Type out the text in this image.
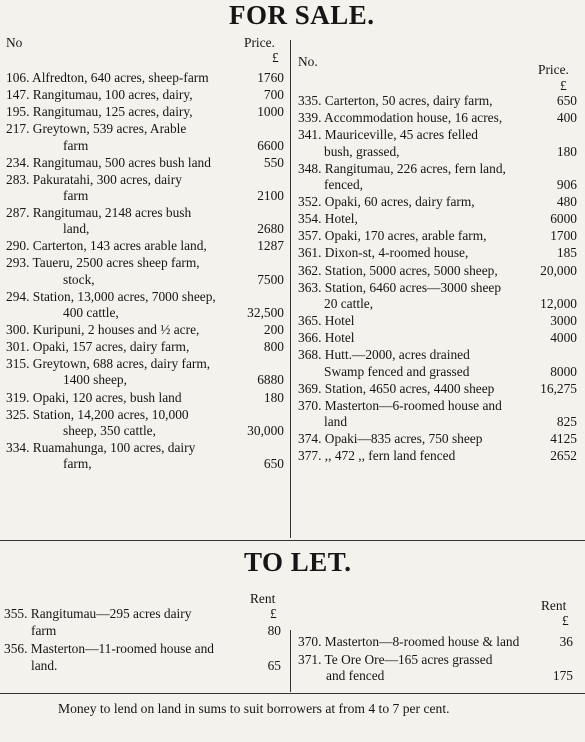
FOR SALE.
No	Price.
£ No.
Price.
£
106. Alfredton, 640 acres, sheep-farm	1760
147. Rangitumau, 100 acres, dairy,	700
195. Rangitumau, 125 acres, dairy,	1000
217. Greytown, 539 acres, Arable
farm	6600
234. Rangitumau, 500 acres bush land	550
283. Pakuratahi, 300 acres, dairy
farm	2100
287. Rangitumau, 2148 acres bush
land,	2680
290. Carterton, 143 acres arable land,	1287
293. Taueru, 2500 acres sheep farm,
stock,	7500
294. Station, 13,000 acres, 7000 sheep,
400 cattle,	32,500
300. Kuripuni, 2 houses and ½ acre,	200
301. Opaki, 157 acres, dairy farm,	800
315. Greytown, 688 acres, dairy farm,
1400 sheep,	6880
319. Opaki, 120 acres, bush land	180
325. Station, 14,200 acres, 10,000
sheep, 350 cattle,	30,000
334. Ruamahunga, 100 acres, dairy
farm,	650
335. Carterton, 50 acres, dairy farm,	650
339. Accommodation house, 16 acres,	400
341. Mauriceville, 45 acres felled
bush, grassed,	180
348. Rangitumau, 226 acres, fern land,
fenced,	906
352. Opaki, 60 acres, dairy farm,	480
354. Hotel,	6000
357. Opaki, 170 acres, arable farm,	1700
361. Dixon-st, 4-roomed house,	185
362. Station, 5000 acres, 5000 sheep,	20,000
363. Station, 6460 acres—3000 sheep
20 cattle,	12,000
365. Hotel	3000
366. Hotel	4000
368. Hutt.—2000, acres drained
Swamp fenced and grassed	8000
369. Station, 4650 acres, 4400 sheep	16,275
370. Masterton—6-roomed house and
land	825
374. Opaki—835 acres, 750 sheep	4125
377. ,, 472 ,, fern land fenced	2652
TO LET.
Rent
£
Rent
£
355. Rangitumau—295 acres dairy
farm	80
356. Masterton—11-roomed house and
land.	65
370. Masterton—8-roomed house & land	36
371. Te Ore Ore—165 acres grassed
and fenced	175
Money to lend on land in sums to suit borrowers at from 4 to 7 per cent.
